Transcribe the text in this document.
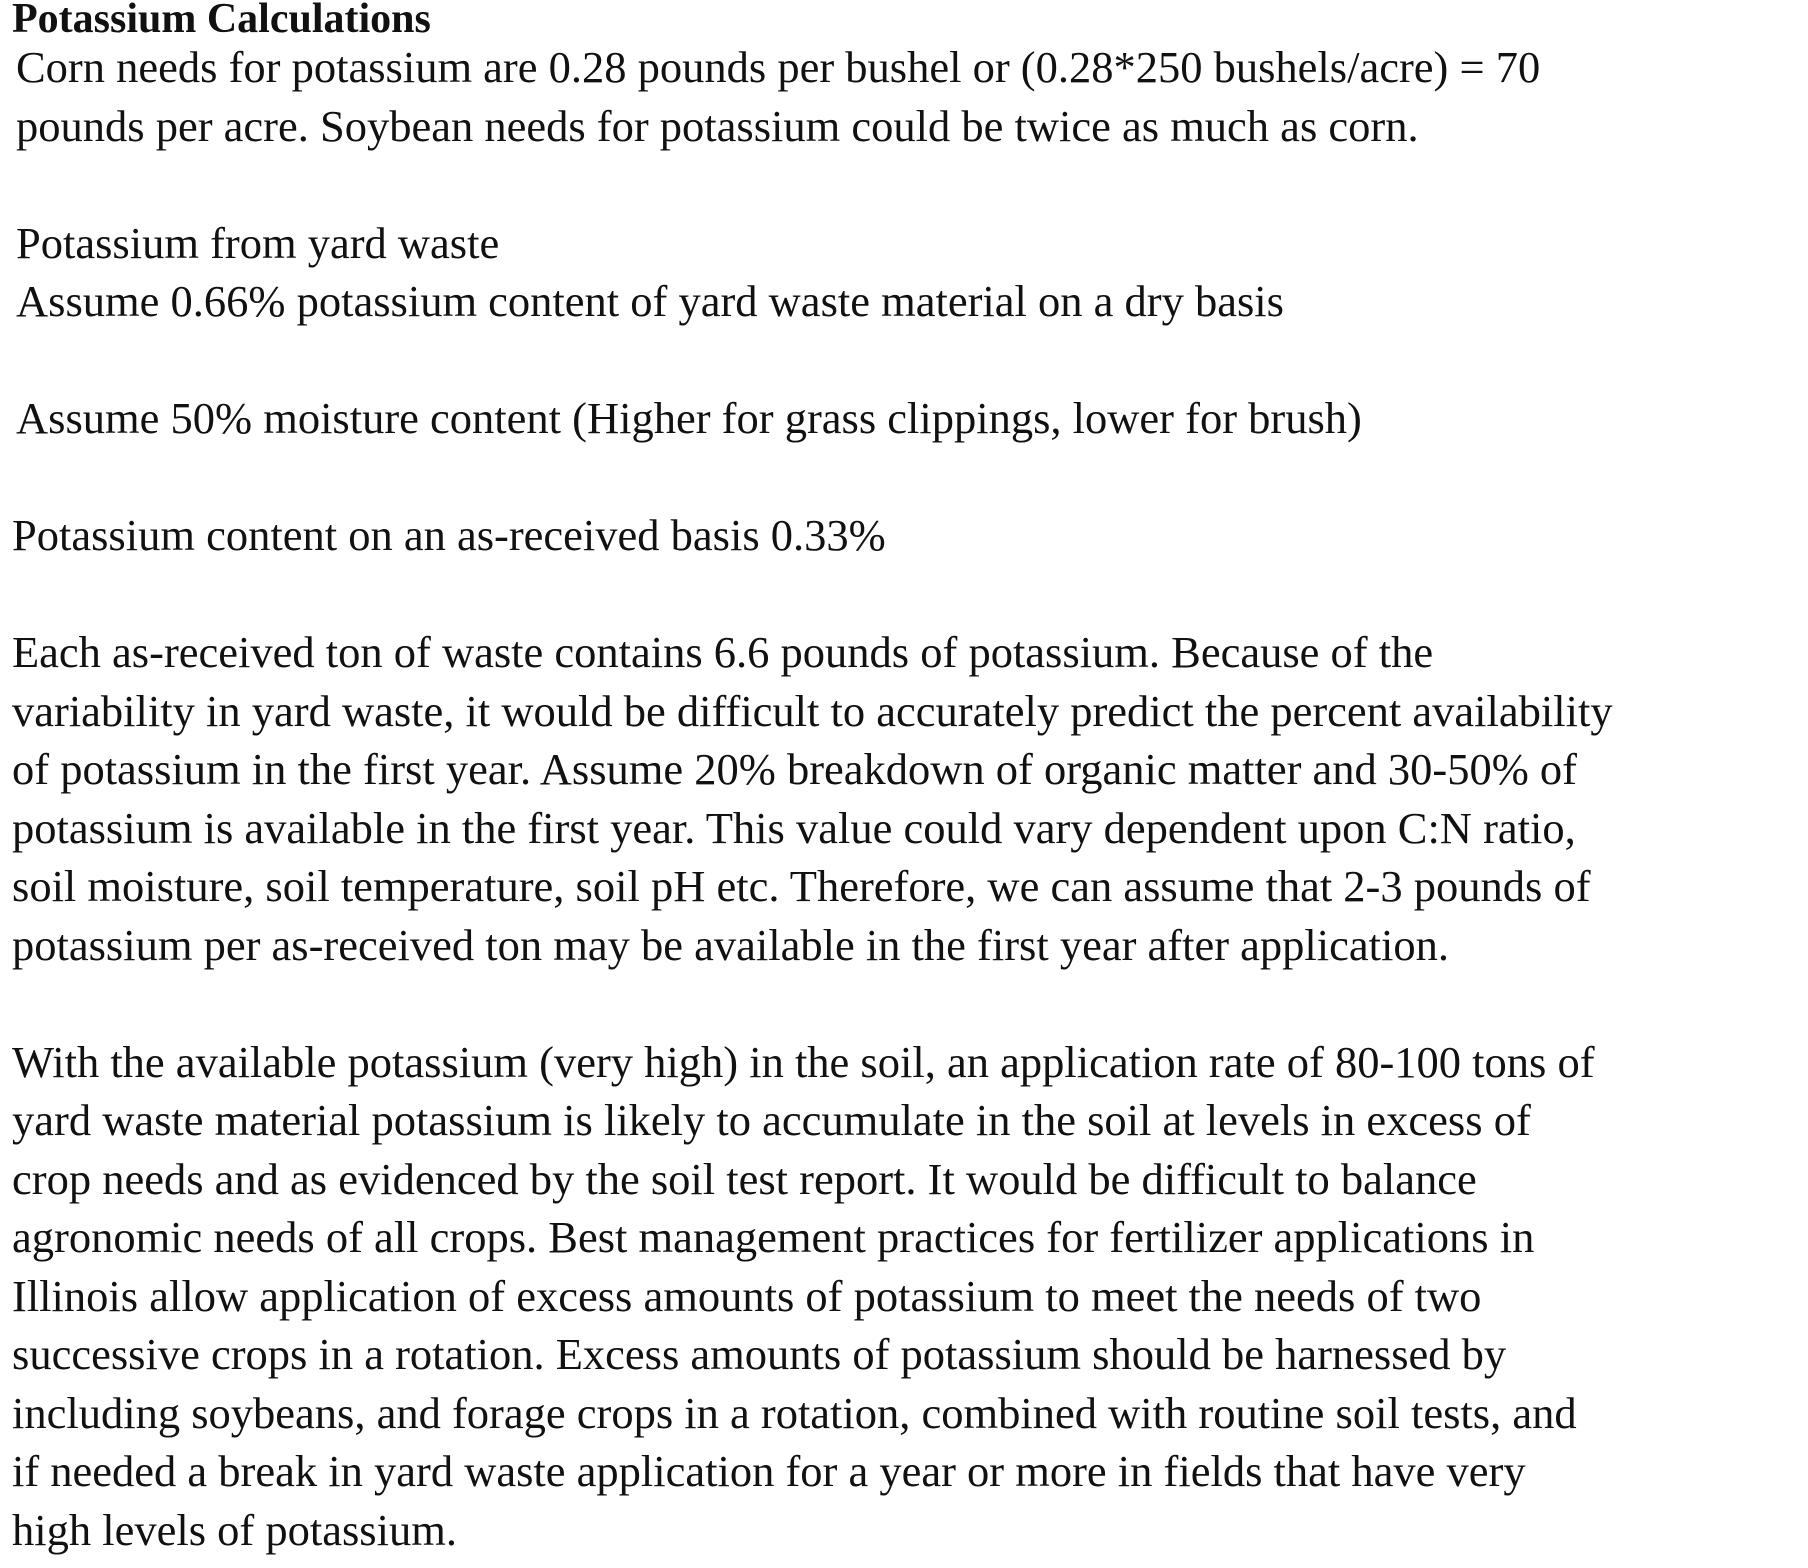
Potassium Calculations
Corn needs for potassium are 0.28 pounds per bushel or (0.28*250 bushels/acre) = 70
pounds per acre. Soybean needs for potassium could be twice as much as corn.
Potassium from yard waste
Assume 0.66% potassium content of yard waste material on a dry basis
Assume 50% moisture content (Higher for grass clippings, lower for brush)
Potassium content on an as-received basis 0.33%
Each as-received ton of waste contains 6.6 pounds of potassium. Because of the
variability in yard waste, it would be difficult to accurately predict the percent availability
of potassium in the first year. Assume 20% breakdown of organic matter and 30-50% of
potassium is available in the first year. This value could vary dependent upon C:N ratio,
soil moisture, soil temperature, soil pH etc. Therefore, we can assume that 2-3 pounds of
potassium per as-received ton may be available in the first year after application.
With the available potassium (very high) in the soil, an application rate of 80-100 tons of
yard waste material potassium is likely to accumulate in the soil at levels in excess of
crop needs and as evidenced by the soil test report. It would be difficult to balance
agronomic needs of all crops. Best management practices for fertilizer applications in
Illinois allow application of excess amounts of potassium to meet the needs of two
successive crops in a rotation. Excess amounts of potassium should be harnessed by
including soybeans, and forage crops in a rotation, combined with routine soil tests, and
if needed a break in yard waste application for a year or more in fields that have very
high levels of potassium.
